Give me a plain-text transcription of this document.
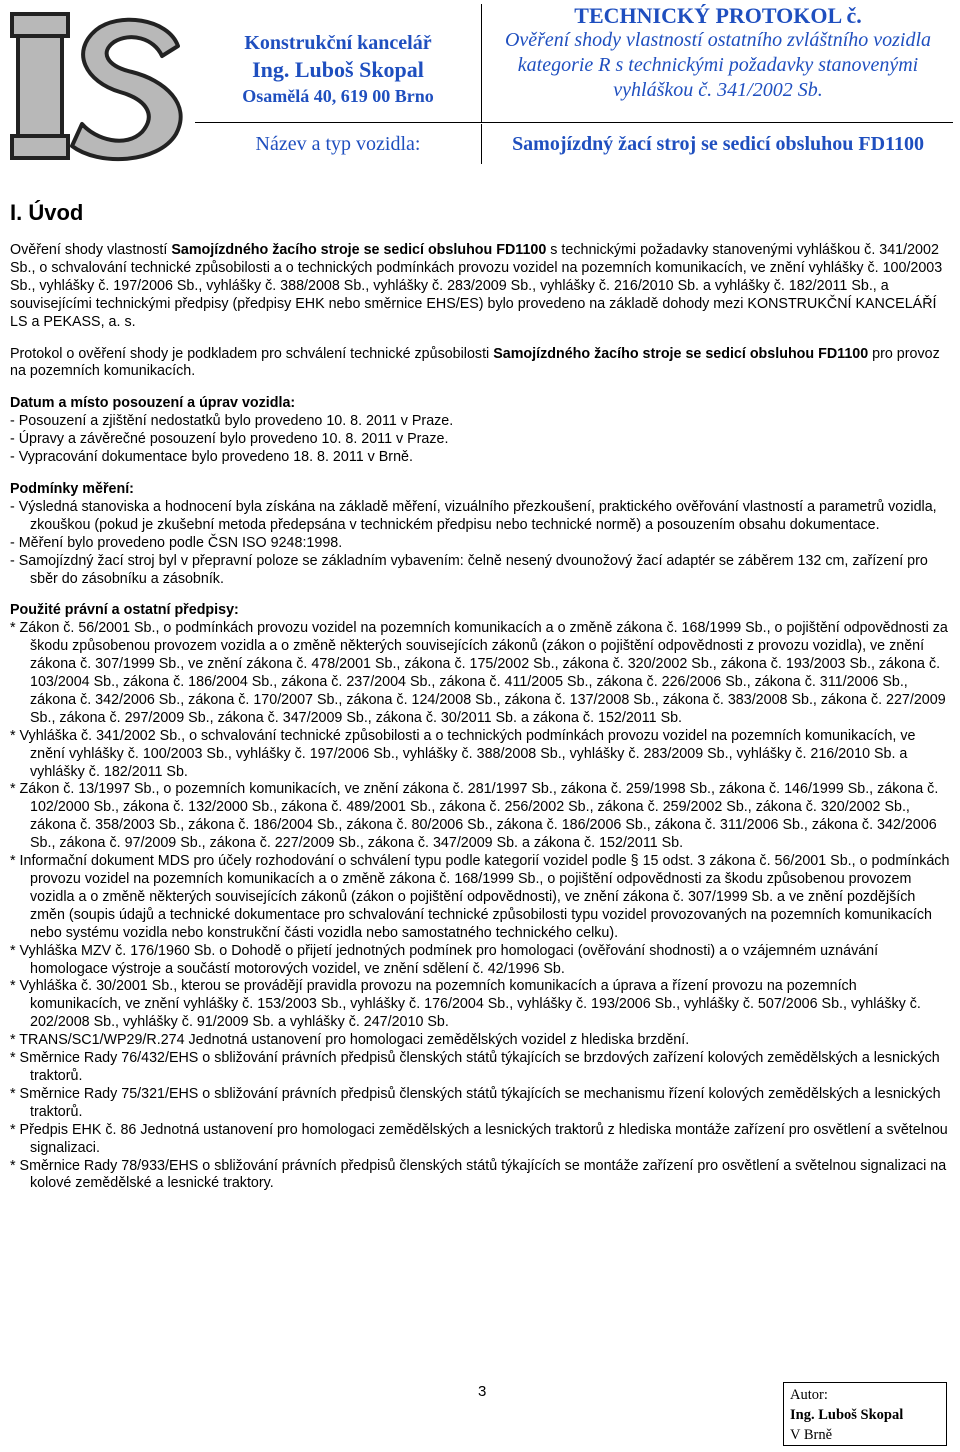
Konstrukční kancelář
Ing. Luboš Skopal
Osamělá 40, 619 00 Brno
TECHNICKÝ PROTOKOL č.
Ověření shody vlastností ostatního zvláštního vozidla
kategorie R s technickými požadavky stanovenými
vyhláškou č. 341/2002 Sb.
Název a typ vozidla:	Samojízdný žací stroj se sedicí obsluhou FD1100
I. Úvod

Ověření shody vlastností Samojízdného žacího stroje se sedicí obsluhou FD1100 s technickými požadavky stanovenými vyhláškou č. 341/2002 Sb., o schvalování technické způsobilosti a o technických podmínkách provozu vozidel na pozemních komunikacích, ve znění vyhlášky č. 100/2003 Sb., vyhlášky č. 197/2006 Sb., vyhlášky č. 388/2008 Sb., vyhlášky č. 283/2009 Sb., vyhlášky č. 216/2010 Sb. a vyhlášky č. 182/2011 Sb., a souvisejícími technickými předpisy (předpisy EHK nebo směrnice EHS/ES) bylo provedeno na základě dohody mezi KONSTRUKČNÍ KANCELÁŘÍ LS a PEKASS, a. s.

Protokol o ověření shody je podkladem pro schválení technické způsobilosti Samojízdného žacího stroje se sedicí obsluhou FD1100 pro provoz na pozemních komunikacích.

Datum a místo posouzení a úprav vozidla:

- Posouzení a zjištění nedostatků bylo provedeno 10. 8. 2011 v Praze.

- Úpravy a závěrečné posouzení bylo provedeno 10. 8. 2011 v Praze.

- Vypracování dokumentace bylo provedeno 18. 8. 2011 v Brně.

Podmínky měření:

- Výsledná stanoviska a hodnocení byla získána na základě měření, vizuálního přezkoušení, praktického ověřování vlastností a parametrů vozidla, zkouškou (pokud je zkušební metoda předepsána v technickém předpisu nebo technické normě) a posouzením obsahu dokumentace.

- Měření bylo provedeno podle ČSN ISO 9248:1998.

- Samojízdný žací stroj byl v přepravní poloze se základním vybavením: čelně nesený dvounožový žací adaptér se záběrem 132 cm, zařízení pro sběr do zásobníku a zásobník.

Použité právní a ostatní předpisy:

* Zákon č. 56/2001 Sb., o podmínkách provozu vozidel na pozemních komunikacích a o změně zákona č. 168/1999 Sb., o pojištění odpovědnosti za škodu způsobenou provozem vozidla a o změně některých souvisejících zákonů (zákon o pojištění odpovědnosti z provozu vozidla), ve znění zákona č. 307/1999 Sb., ve znění zákona č. 478/2001 Sb., zákona č. 175/2002 Sb., zákona č. 320/2002 Sb., zákona č. 193/2003 Sb., zákona č. 103/2004 Sb., zákona č. 186/2004 Sb., zákona č. 237/2004 Sb., zákona č. 411/2005 Sb., zákona č. 226/2006 Sb., zákona č. 311/2006 Sb., zákona č. 342/2006 Sb., zákona č. 170/2007 Sb., zákona č. 124/2008 Sb., zákona č. 137/2008 Sb., zákona č. 383/2008 Sb., zákona č. 227/2009 Sb., zákona č. 297/2009 Sb., zákona č. 347/2009 Sb., zákona č. 30/2011 Sb. a zákona č. 152/2011 Sb.

* Vyhláška č. 341/2002 Sb., o schvalování technické způsobilosti a o technických podmínkách provozu vozidel na pozemních komunikacích, ve znění vyhlášky č. 100/2003 Sb., vyhlášky č. 197/2006 Sb., vyhlášky č. 388/2008 Sb., vyhlášky č. 283/2009 Sb., vyhlášky č. 216/2010 Sb. a vyhlášky č. 182/2011 Sb.

* Zákon č. 13/1997 Sb., o pozemních komunikacích, ve znění zákona č. 281/1997 Sb., zákona č. 259/1998 Sb., zákona č. 146/1999 Sb., zákona č. 102/2000 Sb., zákona č. 132/2000 Sb., zákona č. 489/2001 Sb., zákona č. 256/2002 Sb., zákona č. 259/2002 Sb., zákona č. 320/2002 Sb., zákona č. 358/2003 Sb., zákona č. 186/2004 Sb., zákona č. 80/2006 Sb., zákona č. 186/2006 Sb., zákona č. 311/2006 Sb., zákona č. 342/2006 Sb., zákona č. 97/2009 Sb., zákona č. 227/2009 Sb., zákona č. 347/2009 Sb. a zákona č. 152/2011 Sb.

* Informační dokument MDS pro účely rozhodování o schválení typu podle kategorií vozidel podle § 15 odst. 3 zákona č. 56/2001 Sb., o podmínkách provozu vozidel na pozemních komunikacích a o změně zákona č. 168/1999 Sb., o pojištění odpovědnosti za škodu způsobenou provozem vozidla a o změně některých souvisejících zákonů (zákon o pojištění odpovědnosti), ve znění zákona č. 307/1999 Sb. a ve znění pozdějších změn (soupis údajů a technické dokumentace pro schvalování technické způsobilosti typu vozidel provozovaných na pozemních komunikacích nebo systému vozidla nebo konstrukční části vozidla nebo samostatného technického celku).

* Vyhláška MZV č. 176/1960 Sb. o Dohodě o přijetí jednotných podmínek pro homologaci (ověřování shodnosti) a o vzájemném uznávání homologace výstroje a součástí motorových vozidel, ve znění sdělení č. 42/1996 Sb.

* Vyhláška č. 30/2001 Sb., kterou se provádějí pravidla provozu na pozemních komunikacích a úprava a řízení provozu na pozemních komunikacích, ve znění vyhlášky č. 153/2003 Sb., vyhlášky č. 176/2004 Sb., vyhlášky č. 193/2006 Sb., vyhlášky č. 507/2006 Sb., vyhlášky č. 202/2008 Sb., vyhlášky č. 91/2009 Sb. a vyhlášky č. 247/2010 Sb.

* TRANS/SC1/WP29/R.274 Jednotná ustanovení pro homologaci zemědělských vozidel z hlediska brzdění.

* Směrnice Rady 76/432/EHS o sbližování právních předpisů členských států týkajících se brzdových zařízení kolových zemědělských a lesnických traktorů.

* Směrnice Rady 75/321/EHS o sbližování právních předpisů členských států týkajících se mechanismu řízení kolových zemědělských a lesnických traktorů.

* Předpis EHK č. 86 Jednotná ustanovení pro homologaci zemědělských a lesnických traktorů z hlediska montáže zařízení pro osvětlení a světelnou signalizaci.

* Směrnice Rady 78/933/EHS o sbližování právních předpisů členských států týkajících se montáže zařízení pro osvětlení a světelnou signalizaci na kolové zemědělské a lesnické traktory.

3	Autor:
Ing. Luboš Skopal
V Brně
